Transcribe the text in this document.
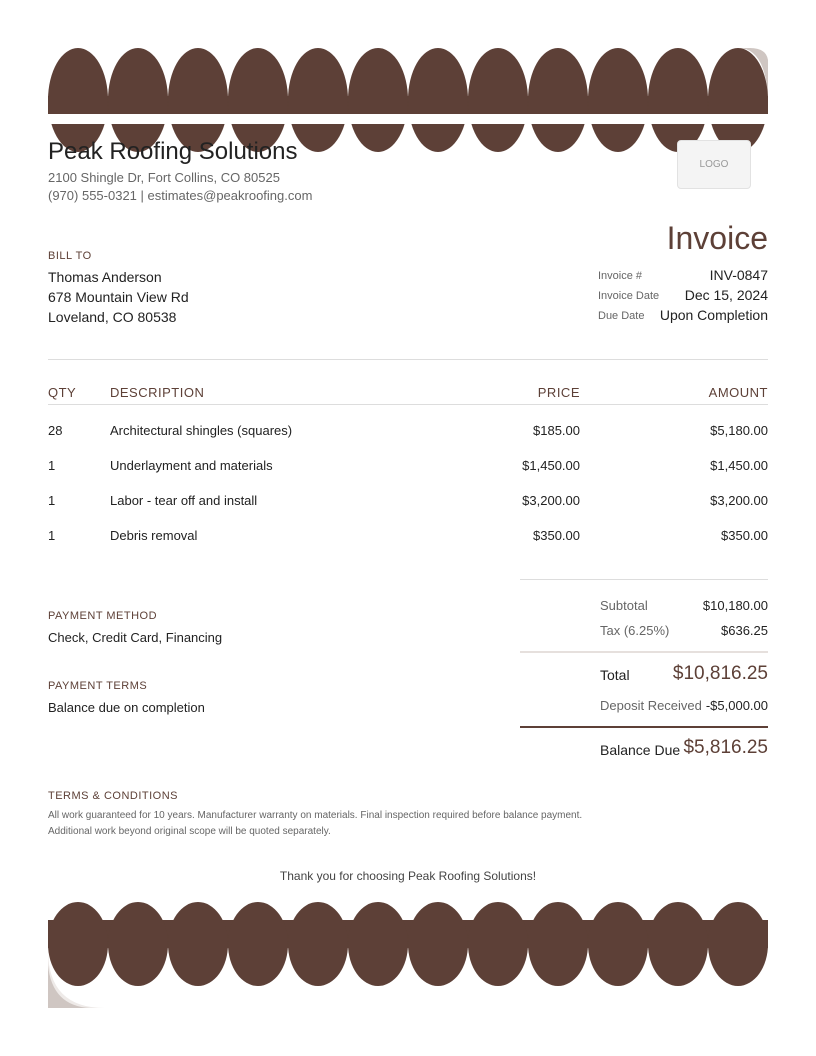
Peak Roofing Solutions
2100 Shingle Dr, Fort Collins, CO 80525
(970) 555-0321 | estimates@peakroofing.com
LOGO
Invoice
Invoice #	INV-0847
Invoice Date Dec 15, 2024
Due Date Upon Completion
BILL TO
Thomas Anderson
678 Mountain View Rd
Loveland, CO 80538
QTY	DESCRIPTION	PRICE	AMOUNT
28	Architectural shingles (squares)	$185.00	$5,180.00
1	Underlayment and materials	$1,450.00	$1,450.00
1	Labor - tear off and install	$3,200.00	$3,200.00
1	Debris removal	$350.00	$350.00
PAYMENT METHOD
Check, Credit Card, Financing
PAYMENT TERMS
Balance due on completion
Subtotal	$10,180.00
Tax (6.25%)	$636.25
Total $10,816.25
Deposit Received -$5,000.00
Balance Due $5,816.25
TERMS & CONDITIONS
All work guaranteed for 10 years. Manufacturer warranty on materials. Final inspection required before balance payment.
Additional work beyond original scope will be quoted separately.
Thank you for choosing Peak Roofing Solutions!
